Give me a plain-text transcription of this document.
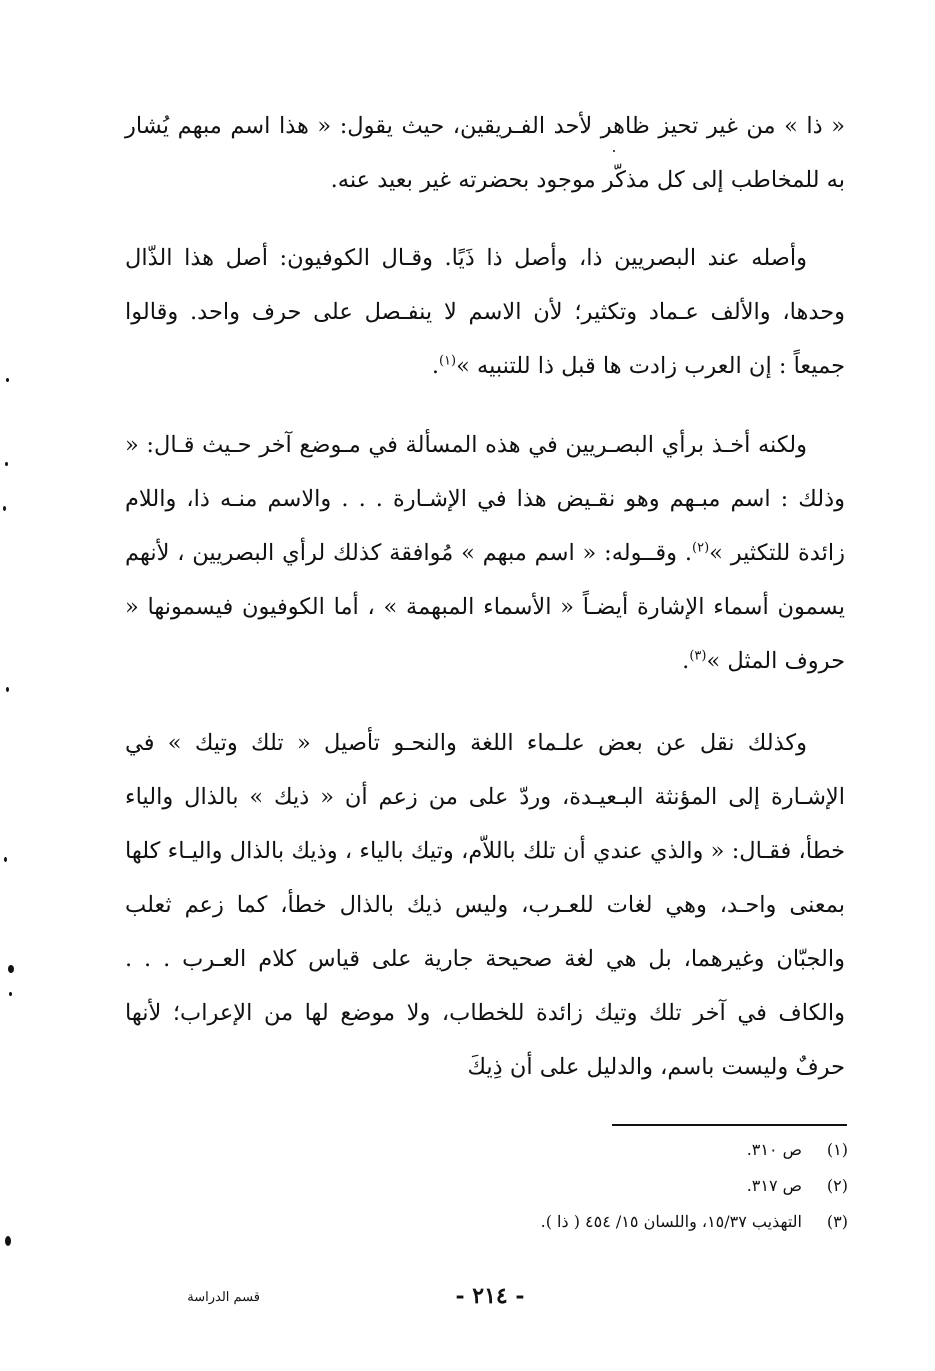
« ذا » من غير تحيز ظاهر لأحد الفـريقين، حيث يقول: « هذا اسم مبهم يُشار به للمخاطب إلى كل مذكّر موجود بحضرته غير بعيد عنه.

وأصله عند البصريين ذا، وأصل ذا ذَيًا. وقـال الكوفيون: أصل هذا الذّال وحدها، والألف عـماد وتكثير؛ لأن الاسم لا ينفـصل على حرف واحد. وقالوا جميعاً : إن العرب زادت ها قبل ذا للتنبيه »$^{(١)}$.

ولكنه أخـذ برأي البصـريين في هذه المسألة في مـوضع آخر حـيث قـال: « وذلك : اسم مبـهم وهو نقـيض هذا في الإشـارة . . . والاسم منـه ذا، واللام زائدة للتكثير »$^{(٢)}$. وقــوله: « اسم مبهم » مُوافقة كذلك لرأي البصريين ، لأنهم يسمون أسماء الإشارة أيضـاً « الأسماء المبهمة » ، أما الكوفيون فيسمونها « حروف المثل »$^{(٣)}$.

وكذلك نقل عن بعض علـماء اللغة والنحـو تأصيل « تلك وتيك » في الإشـارة إلى المؤنثة البـعيـدة، وردّ على من زعم أن « ذيك » بالذال والياء خطأ، فقـال: « والذي عندي أن تلك باللاّم، وتيك بالياء ، وذيك بالذال واليـاء كلها بمعنى واحـد، وهي لغات للعـرب، وليس ذيك بالذال خطأ، كما زعم ثعلب والجبّان وغيرهما، بل هي لغة صحيحة جارية على قياس كلام العـرب . . . والكاف في آخر تلك وتيك زائدة للخطاب، ولا موضع لها من الإعراب؛ لأنها حرفٌ وليست باسم، والدليل على أن ذِيكَ

(١)ص ٣١٠.
(٢)ص ٣١٧.
(٣)التهذيب ١٥/٣٧، واللسان ١٥/ ٤٥٤ ( ذا ).
- ٢١٤ -
قسم الدراسة
